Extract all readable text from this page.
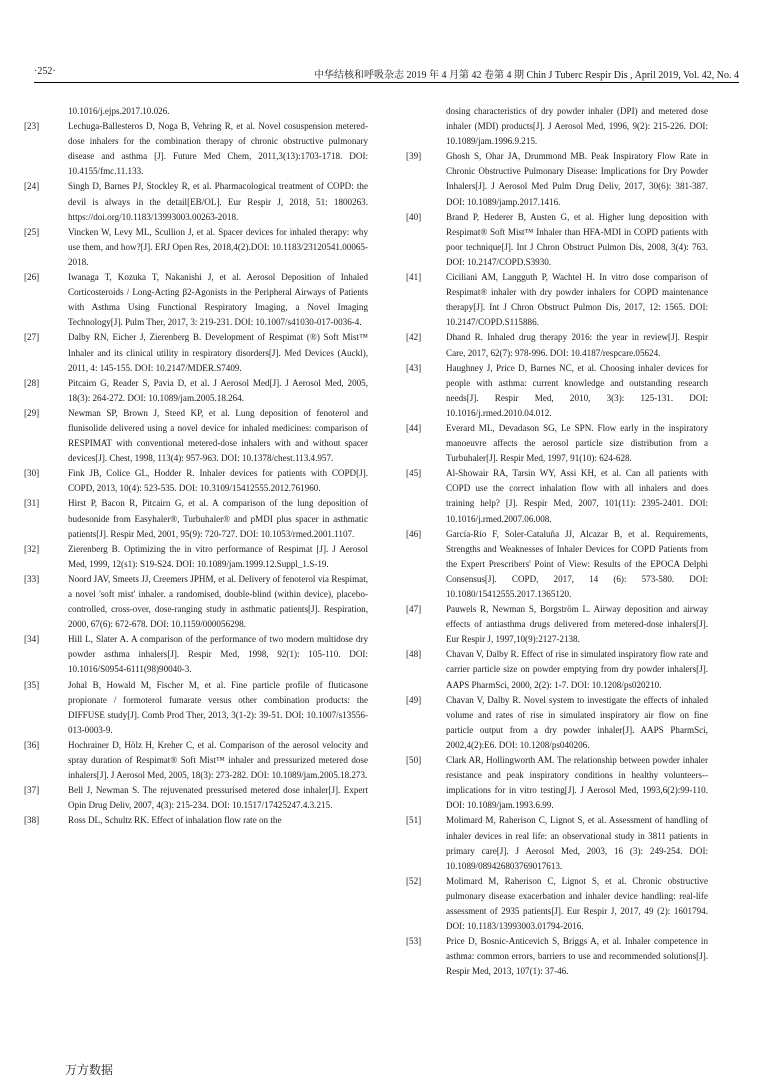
·252·	中华结核和呼吸杂志 2019 年 4 月第 42 卷第 4 期 Chin J Tuberc Respir Dis , April 2019, Vol. 42, No. 4
10.1016/j.ejps.2017.10.026.
[23]	Lechuga-Ballesteros D, Noga B, Vehring R, et al. Novel cosuspension metered-dose inhalers for the combination therapy of chronic obstructive pulmonary disease and asthma [J]. Future Med Chem, 2011,3(13):1703-1718. DOI: 10.4155/fmc.11.133.
[24]	Singh D, Barnes PJ, Stockley R, et al. Pharmacological treatment of COPD: the devil is always in the detail[EB/OL]. Eur Respir J, 2018, 51: 1800263. https://doi.org/10.1183/13993003.00263-2018.
[25]	Vincken W, Levy ML, Scullion J, et al. Spacer devices for inhaled therapy: why use them, and how?[J]. ERJ Open Res, 2018,4(2).DOI: 10.1183/23120541.00065-2018.
[26]	Iwanaga T, Kozuka T, Nakanishi J, et al. Aerosol Deposition of Inhaled Corticosteroids / Long-Acting β2-Agonists in the Peripheral Airways of Patients with Asthma Using Functional Respiratory Imaging, a Novel Imaging Technology[J]. Pulm Ther, 2017, 3: 219-231. DOI: 10.1007/s41030-017-0036-4.
[27]	Dalby RN, Eicher J, Zierenberg B. Development of Respimat (®) Soft Mist™ Inhaler and its clinical utility in respiratory disorders[J]. Med Devices (Auckl), 2011, 4: 145-155. DOI: 10.2147/MDER.S7409.
[28]	Pitcairn G, Reader S, Pavia D, et al. J Aerosol Med[J]. J Aerosol Med, 2005, 18(3): 264-272. DOI: 10.1089/jam.2005.18.264.
[29]	Newman SP, Brown J, Steed KP, et al. Lung deposition of fenoterol and flunisolide delivered using a novel device for inhaled medicines: comparison of RESPIMAT with conventional metered-dose inhalers with and without spacer devices[J]. Chest, 1998, 113(4): 957-963. DOI: 10.1378/chest.113.4.957.
[30]	Fink JB, Colice GL, Hodder R. Inhaler devices for patients with COPD[J]. COPD, 2013, 10(4): 523-535. DOI: 10.3109/15412555.2012.761960.
[31]	Hirst P, Bacon R, Pitcairn G, et al. A comparison of the lung deposition of budesonide from Easyhaler®, Turbuhaler® and pMDI plus spacer in asthmatic patients[J]. Respir Med, 2001, 95(9): 720-727. DOI: 10.1053/rmed.2001.1107.
[32]	Zierenberg B. Optimizing the in vitro performance of Respimat [J]. J Aerosol Med, 1999, 12(s1): S19-S24. DOI: 10.1089/jam.1999.12.Suppl_1.S-19.
[33]	Noord JAV, Smeets JJ, Creemers JPHM, et al. Delivery of fenoterol via Respimat, a novel 'soft mist' inhaler. a randomised, double-blind (within device), placebo-controlled, cross-over, dose-ranging study in asthmatic patients[J]. Respiration, 2000, 67(6): 672-678. DOI: 10.1159/000056298.
[34]	Hill L, Slater A. A comparison of the performance of two modern multidose dry powder asthma inhalers[J]. Respir Med, 1998, 92(1): 105-110. DOI: 10.1016/S0954-6111(98)90040-3.
[35]	Johal B, Howald M, Fischer M, et al. Fine particle profile of fluticasone propionate / formoterol fumarate versus other combination products: the DIFFUSE study[J]. Comb Prod Ther, 2013, 3(1-2): 39-51. DOI: 10.1007/s13556-013-0003-9.
[36]	Hochrainer D, Hölz H, Kreher C, et al. Comparison of the aerosol velocity and spray duration of Respimat® Soft Mist™ inhaler and pressurized metered dose inhalers[J]. J Aerosol Med, 2005, 18(3): 273-282. DOI: 10.1089/jam.2005.18.273.
[37]	Bell J, Newman S. The rejuvenated pressurised metered dose inhaler[J]. Expert Opin Drug Deliv, 2007, 4(3): 215-234. DOI: 10.1517/17425247.4.3.215.
[38]	Ross DL, Schultz RK. Effect of inhalation flow rate on the
dosing characteristics of dry powder inhaler (DPI) and metered dose inhaler (MDI) products[J]. J Aerosol Med, 1996, 9(2): 215-226. DOI: 10.1089/jam.1996.9.215.
[39]	Ghosh S, Ohar JA, Drummond MB. Peak Inspiratory Flow Rate in Chronic Obstructive Pulmonary Disease: Implications for Dry Powder Inhalers[J]. J Aerosol Med Pulm Drug Deliv, 2017, 30(6): 381-387. DOI: 10.1089/jamp.2017.1416.
[40]	Brand P, Hederer B, Austen G, et al. Higher lung deposition with Respimat® Soft Mist™ Inhaler than HFA-MDI in COPD patients with poor technique[J]. Int J Chron Obstruct Pulmon Dis, 2008, 3(4): 763. DOI: 10.2147/COPD.S3930.
[41]	Ciciliani AM, Langguth P, Wachtel H. In vitro dose comparison of Respimat® inhaler with dry powder inhalers for COPD maintenance therapy[J]. Int J Chron Obstruct Pulmon Dis, 2017, 12: 1565. DOI: 10.2147/COPD.S115886.
[42]	Dhand R. Inhaled drug therapy 2016: the year in review[J]. Respir Care, 2017, 62(7): 978-996. DOI: 10.4187/respcare.05624.
[43]	Haughney J, Price D, Barnes NC, et al. Choosing inhaler devices for people with asthma: current knowledge and outstanding research needs[J]. Respir Med, 2010, 3(3): 125-131. DOI: 10.1016/j.rmed.2010.04.012.
[44]	Everard ML, Devadason SG, Le SPN. Flow early in the inspiratory manoeuvre affects the aerosol particle size distribution from a Turbuhaler[J]. Respir Med, 1997, 91(10): 624-628.
[45]	Al-Showair RA, Tarsin WY, Assi KH, et al. Can all patients with COPD use the correct inhalation flow with all inhalers and does training help? [J]. Respir Med, 2007, 101(11): 2395-2401. DOI: 10.1016/j.rmed.2007.06.008.
[46]	García-Río F, Soler-Cataluña JJ, Alcazar B, et al. Requirements, Strengths and Weaknesses of Inhaler Devices for COPD Patients from the Expert Prescribers' Point of View: Results of the EPOCA Delphi Consensus[J]. COPD, 2017, 14 (6): 573-580. DOI: 10.1080/15412555.2017.1365120.
[47]	Pauwels R, Newman S, Borgström L. Airway deposition and airway effects of antiasthma drugs delivered from metered-dose inhalers[J]. Eur Respir J, 1997,10(9):2127-2138.
[48]	Chavan V, Dalby R. Effect of rise in simulated inspiratory flow rate and carrier particle size on powder emptying from dry powder inhalers[J]. AAPS PharmSci, 2000, 2(2): 1-7. DOI: 10.1208/ps020210.
[49]	Chavan V, Dalby R. Novel system to investigate the effects of inhaled volume and rates of rise in simulated inspiratory air flow on fine particle output from a dry powder inhaler[J]. AAPS PharmSci, 2002,4(2):E6. DOI: 10.1208/ps040206.
[50]	Clark AR, Hollingworth AM. The relationship between powder inhaler resistance and peak inspiratory conditions in healthy volunteers--implications for in vitro testing[J]. J Aerosol Med, 1993,6(2):99-110. DOI: 10.1089/jam.1993.6.99.
[51]	Molimard M, Raherison C, Lignot S, et al. Assessment of handling of inhaler devices in real life: an observational study in 3811 patients in primary care[J]. J Aerosol Med, 2003, 16 (3): 249-254. DOI: 10.1089/089426803769017613.
[52]	Molimard M, Raherison C, Lignot S, et al. Chronic obstructive pulmonary disease exacerbation and inhaler device handling: real-life assessment of 2935 patients[J]. Eur Respir J, 2017, 49 (2): 1601794. DOI: 10.1183/13993003.01794-2016.
[53]	Price D, Bosnic-Anticevich S, Briggs A, et al. Inhaler competence in asthma: common errors, barriers to use and recommended solutions[J]. Respir Med, 2013, 107(1): 37-46.
万方数据
